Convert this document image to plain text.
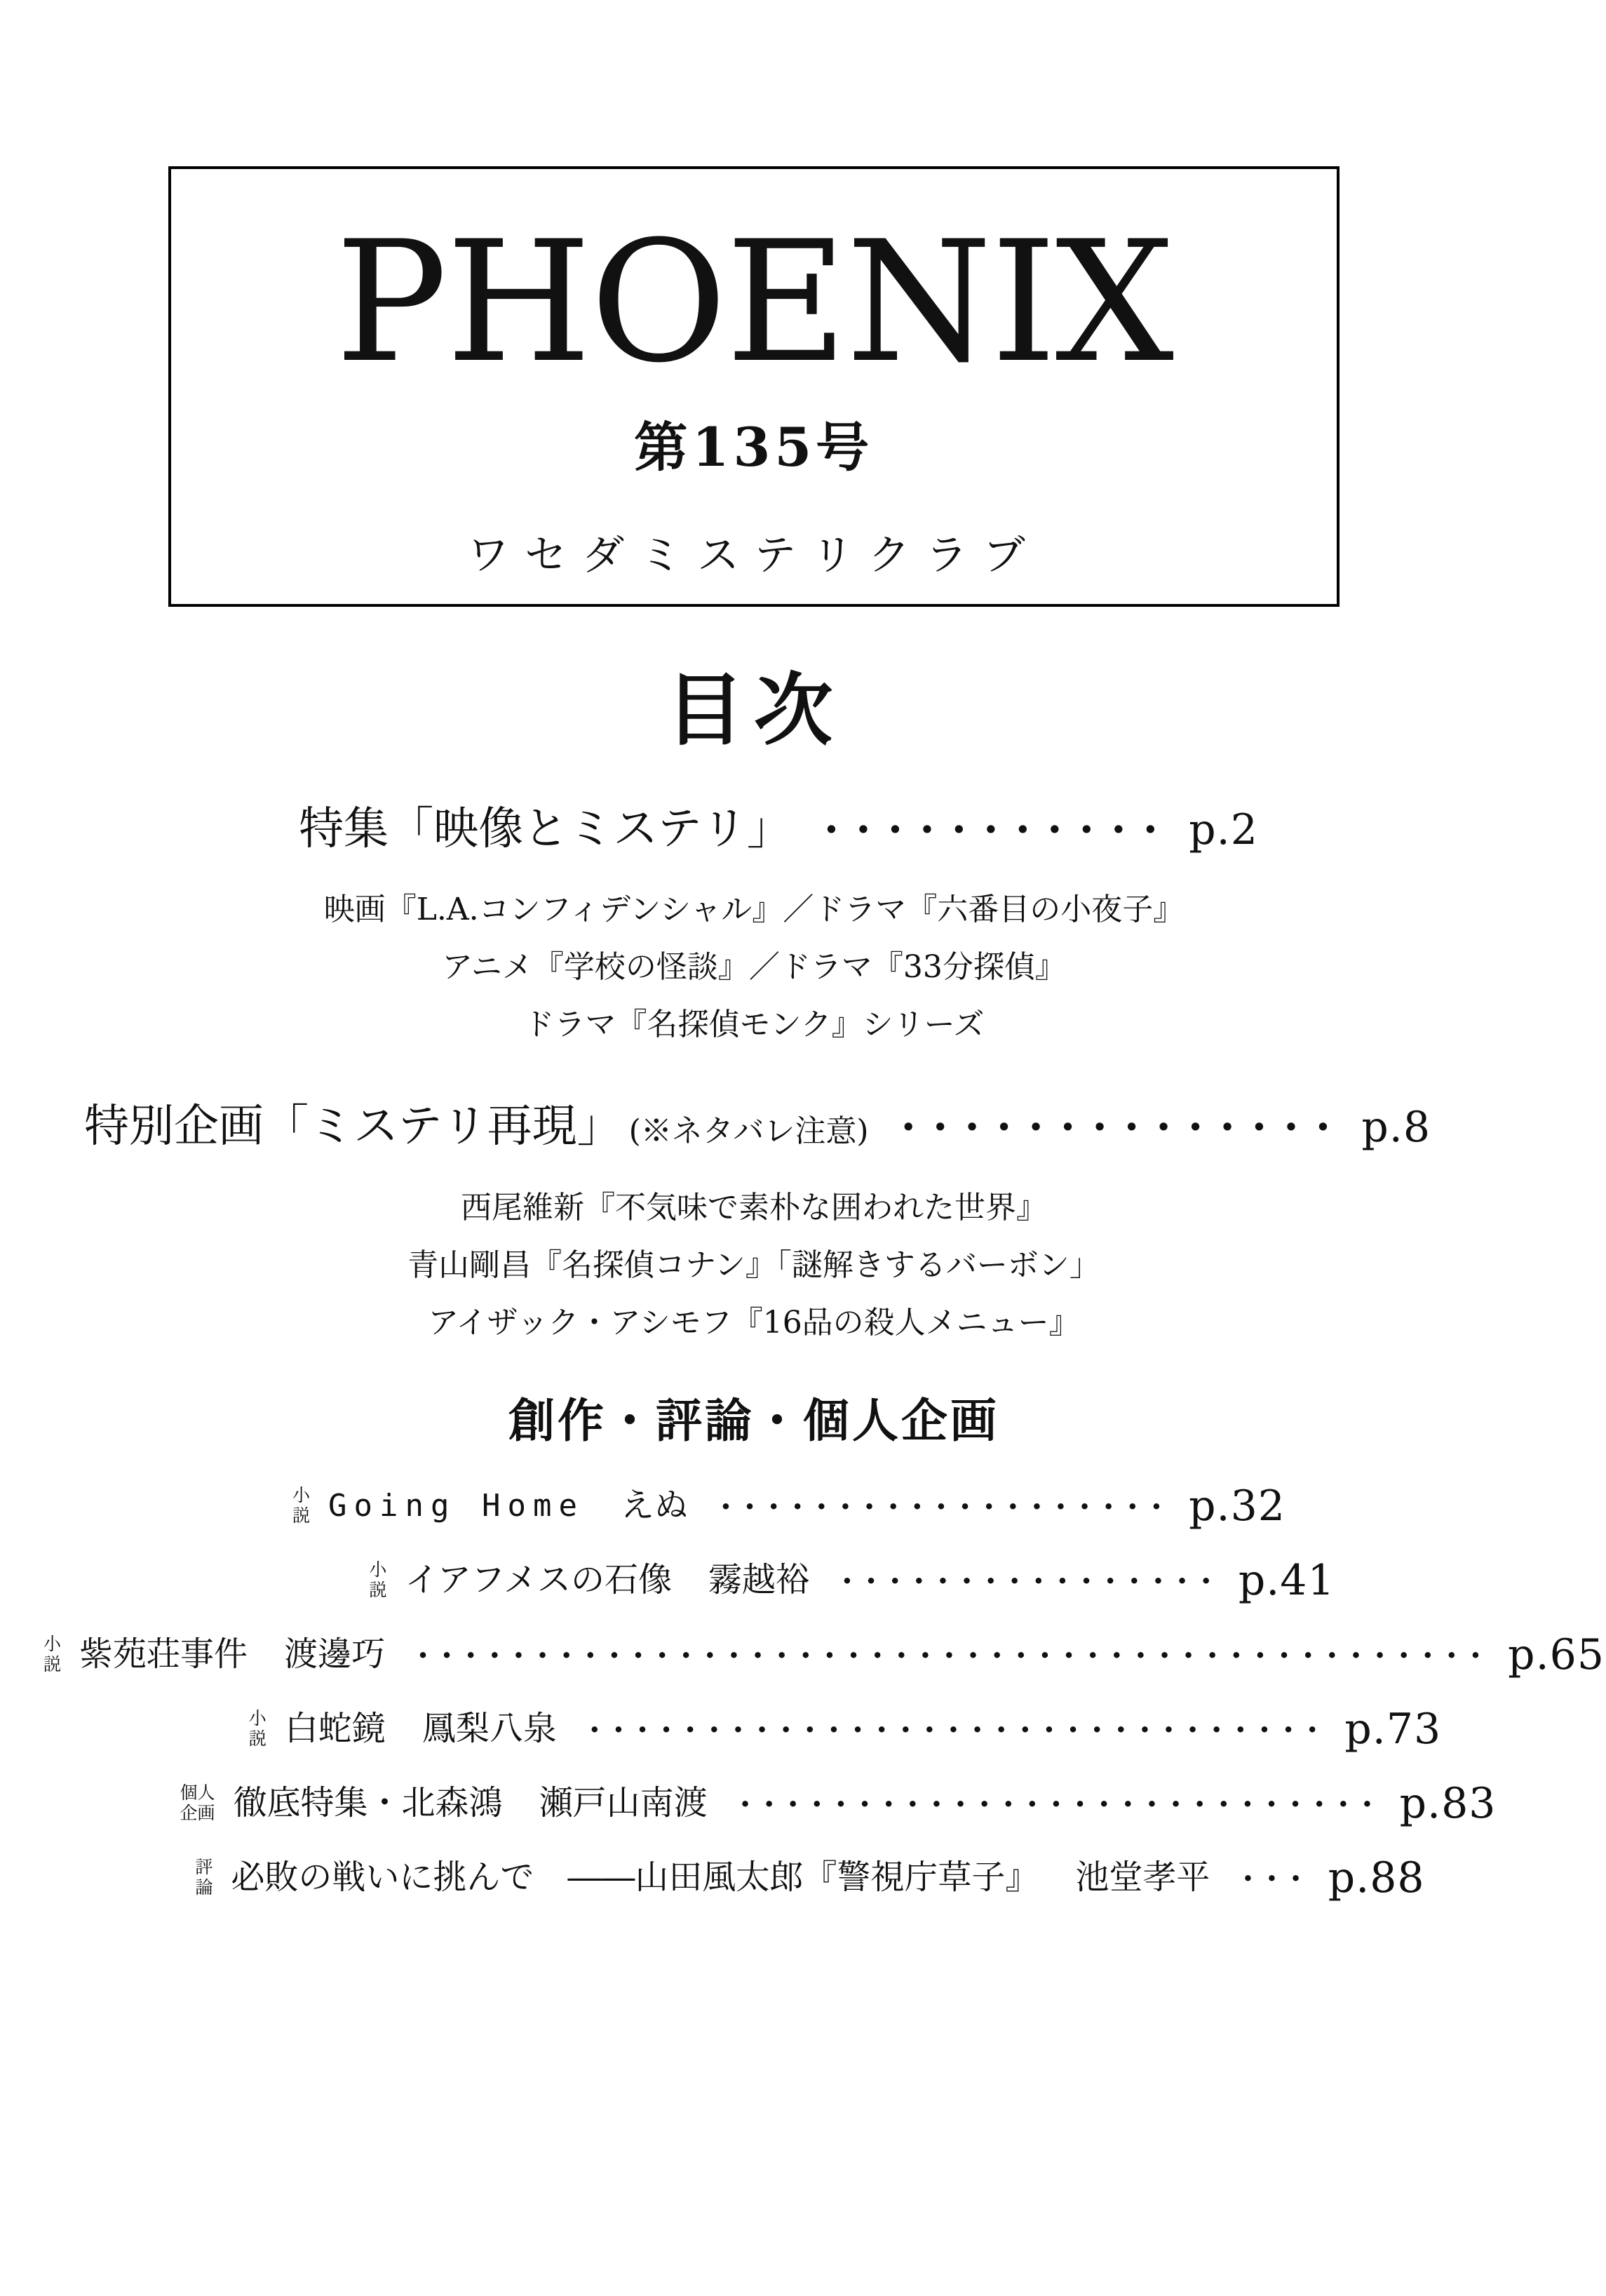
PHOENIX
第135号
ワセダミステリクラブ
目次
特集「映像とミステリ」 ··········· p.2
映画『L.A.コンフィデンシャル』／ドラマ『六番目の小夜子』
アニメ『学校の怪談』／ドラマ『33分探偵』
ドラマ『名探偵モンク』シリーズ
特別企画「ミステリ再現」 (※ネタバレ注意) ·············· p.8
西尾維新『不気味で素朴な囲われた世界』
青山剛昌『名探偵コナン』「謎解きするバーボン」
アイザック・アシモフ『16品の殺人メニュー』
創作・評論・個人企画
小
説 Going Home えぬ ··················· p.32
小
説 イアフメスの石像 霧越裕 ················ p.41
小
説 紫苑荘事件 渡邊巧 ············································· p.65
小
説 白蛇鏡 鳳梨八泉 ······························· p.73
個人
企画 徹底特集・北森鴻 瀬戸山南渡 ··························· p.83
評
論 必敗の戦いに挑んで　――山田風太郎『警視庁草子』 池堂孝平 ··· p.88
